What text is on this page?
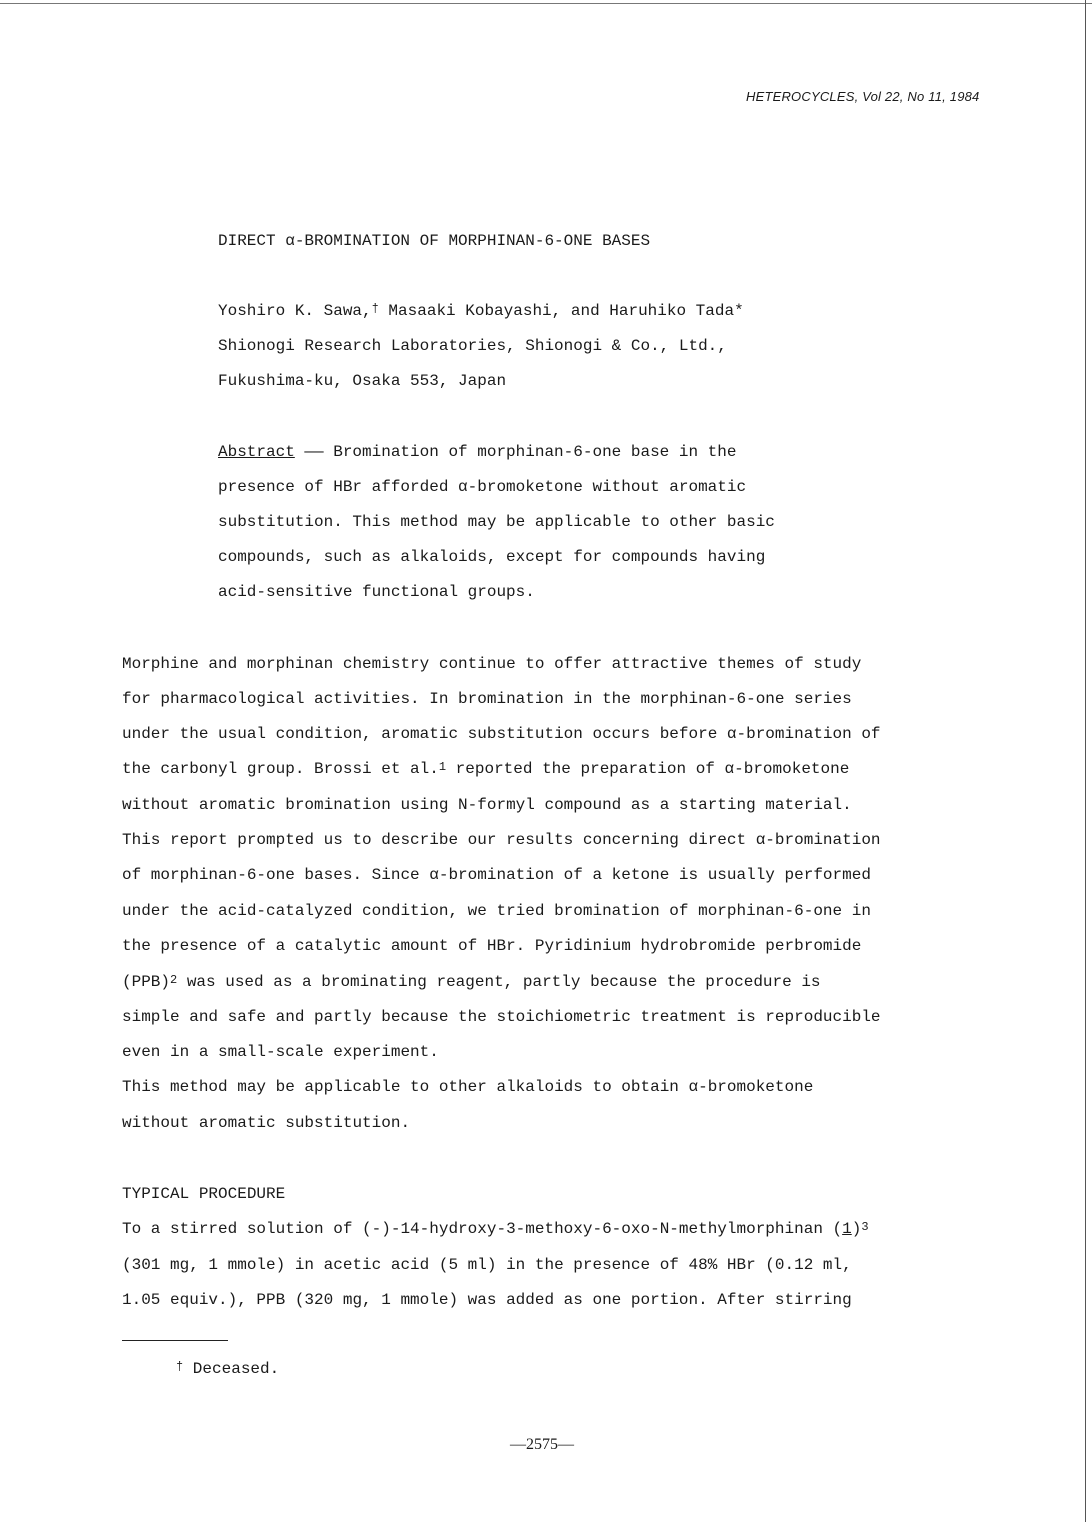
HETEROCYCLES, Vol 22, No 11, 1984
DIRECT α-BROMINATION OF MORPHINAN-6-ONE BASES
Yoshiro K. Sawa,† Masaaki Kobayashi, and Haruhiko Tada*
Shionogi Research Laboratories, Shionogi & Co., Ltd.,
Fukushima-ku, Osaka 553, Japan
Abstract —— Bromination of morphinan-6-one base in the
presence of HBr afforded α-bromoketone without aromatic
substitution. This method may be applicable to other basic
compounds, such as alkaloids, except for compounds having
acid-sensitive functional groups.
Morphine and morphinan chemistry continue to offer attractive themes of study
for pharmacological activities. In bromination in the morphinan-6-one series
under the usual condition, aromatic substitution occurs before α-bromination of
the carbonyl group. Brossi et al.$^1$ reported the preparation of α-bromoketone
without aromatic bromination using N-formyl compound as a starting material.
This report prompted us to describe our results concerning direct α-bromination
of morphinan-6-one bases. Since α-bromination of a ketone is usually performed
under the acid-catalyzed condition, we tried bromination of morphinan-6-one in
the presence of a catalytic amount of HBr. Pyridinium hydrobromide perbromide
(PPB)$^2$ was used as a brominating reagent, partly because the procedure is
simple and safe and partly because the stoichiometric treatment is reproducible
even in a small-scale experiment.
This method may be applicable to other alkaloids to obtain α-bromoketone
without aromatic substitution.
TYPICAL PROCEDURE
To a stirred solution of (-)-14-hydroxy-3-methoxy-6-oxo-N-methylmorphinan $(1)^3$
(301 mg, 1 mmole) in acetic acid (5 ml) in the presence of 48% HBr (0.12 ml,
1.05 equiv.), PPB (320 mg, 1 mmole) was added as one portion. After stirring
† Deceased.
—2575—
